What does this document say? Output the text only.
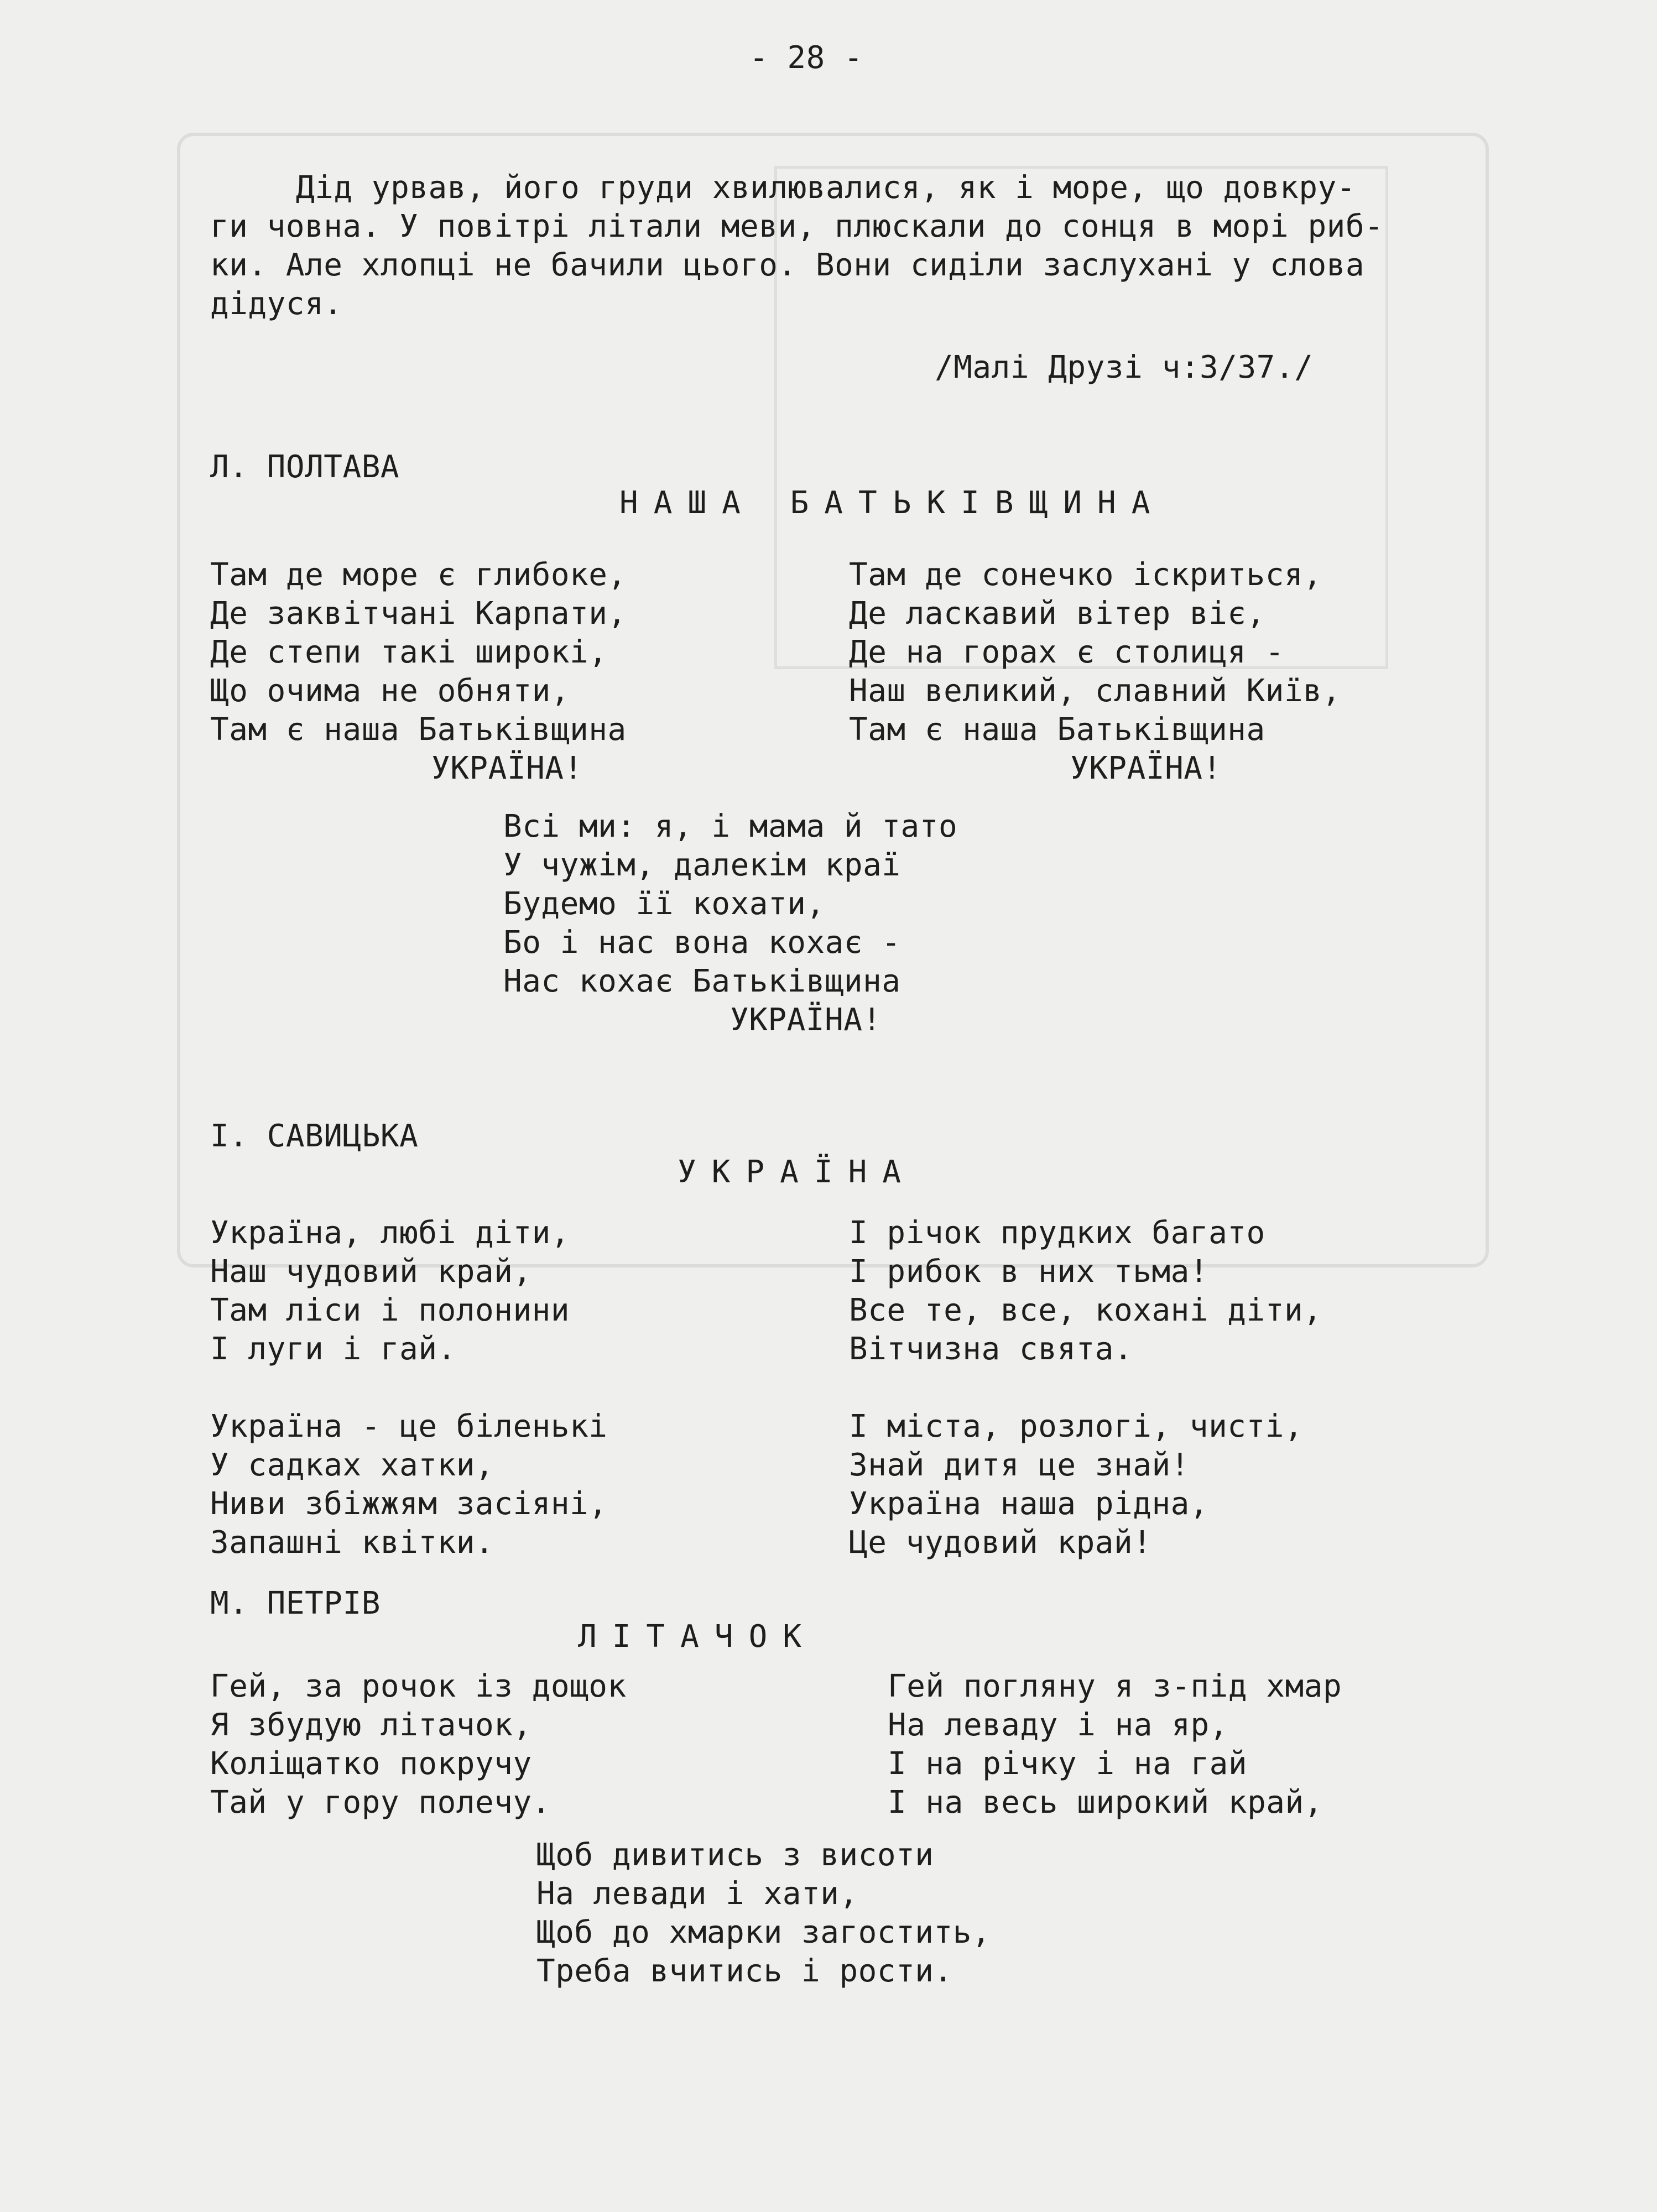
- 28 -
Дід урвав, його груди хвилювалися, як і море, що довкру-
ги човна. У повітрі літали меви, плюскали до сонця в морі риб-
ки. Але хлопці не бачили цього. Вони сиділи заслухані у слова
дідуся.
/Малі Друзі ч:3/37./
Л. ПОЛТАВА
НАША БАТЬКІВЩИНА
Там де море є глибоке,
Де заквітчані Карпати,
Де степи такі широкі,
Що очима не обняти,
Там є наша Батьківщина
УКРАЇНА!
Там де сонечко іскриться,
Де ласкавий вітер віє,
Де на горах є столиця -
Наш великий, славний Київ,
Там є наша Батьківщина
УКРАЇНА!
Всі ми: я, і мама й тато
У чужім, далекім краї
Будемо її кохати,
Бо і нас вона кохає -
Нас кохає Батьківщина
УКРАЇНА!
І. САВИЦЬКА
УКРАЇНА
Україна, любі діти,
Наш чудовий край,
Там ліси і полонини
І луги і гай.
І річок прудких багато
І рибок в них тьма!
Все те, все, кохані діти,
Вітчизна свята.
Україна - це біленькі
У садках хатки,
Ниви збіжжям засіяні,
Запашні квітки.
І міста, розлогі, чисті,
Знай дитя це знай!
Україна наша рідна,
Це чудовий край!
М. ПЕТРІВ
ЛІТАЧОК
Гей, за рочок із дощок
Я збудую літачок,
Коліщатко покручу
Тай у гору полечу.
Гей погляну я з-під хмар
На леваду і на яр,
І на річку і на гай
І на весь широкий край,
Щоб дивитись з висоти
На левади і хати,
Щоб до хмарки загостить,
Треба вчитись і рости.
